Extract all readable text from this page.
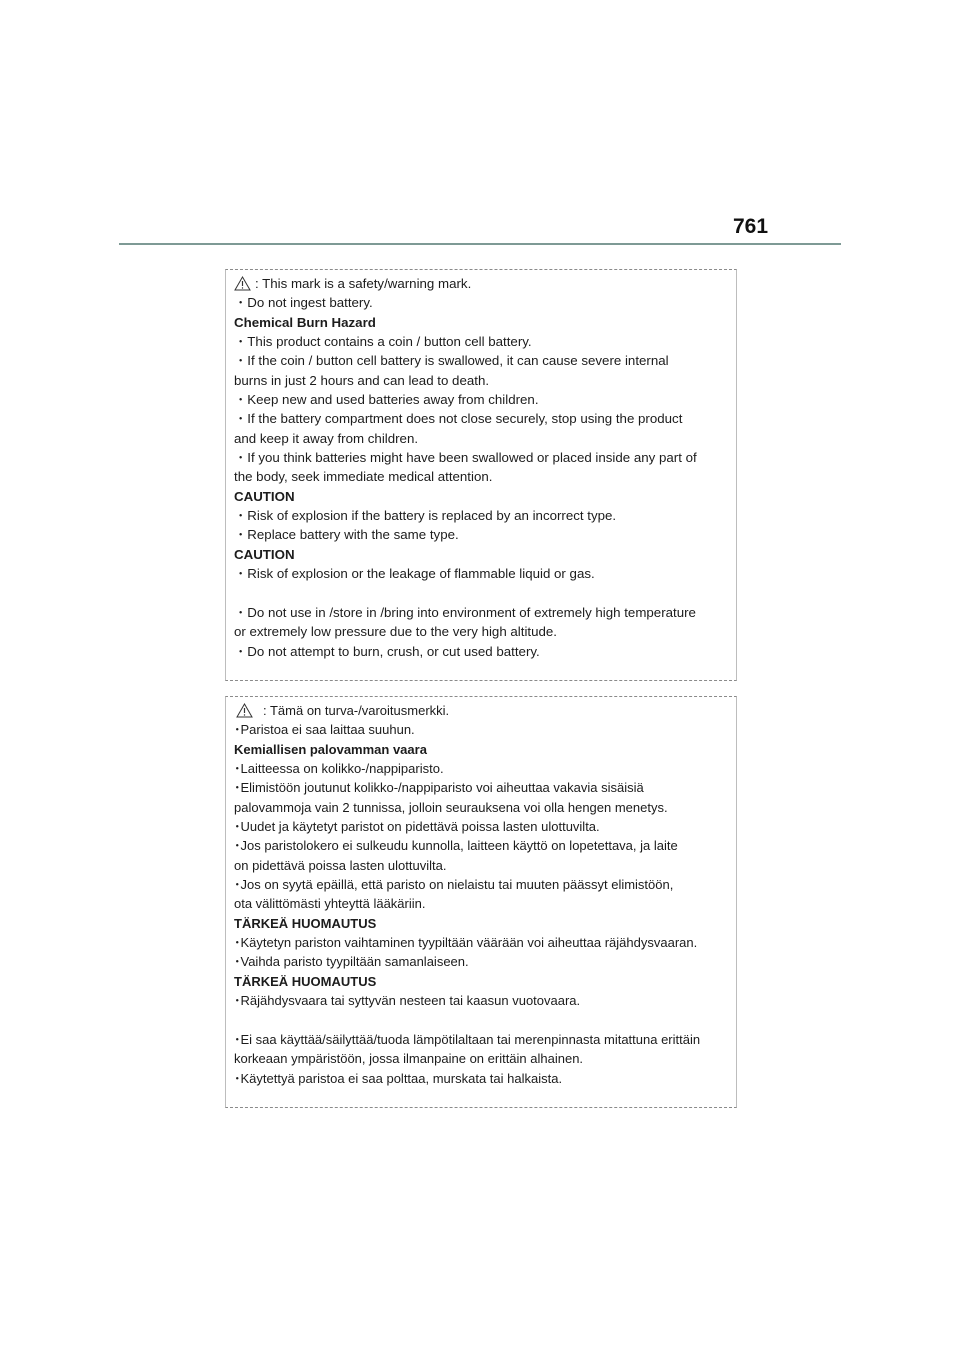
761
: This mark is a safety/warning mark.
・Do not ingest battery.
Chemical Burn Hazard
・This product contains a coin / button cell battery.
・If the coin / button cell battery is swallowed, it can cause severe internal
burns in just 2 hours and can lead to death.
・Keep new and used batteries away from children.
・If the battery compartment does not close securely, stop using the product
and keep it away from children.
・If you think batteries might have been swallowed or placed inside any part of
the body, seek immediate medical attention.
CAUTION
・Risk of explosion if the battery is replaced by an incorrect type.
・Replace battery with the same type.
CAUTION
・Risk of explosion or the leakage of flammable liquid or gas.
・Do not use in /store in /bring into environment of extremely high temperature
or extremely low pressure due to the very high altitude.
・Do not attempt to burn, crush, or cut used battery.
: Tämä on turva-/varoitusmerkki.
･Paristoa ei saa laittaa suuhun.
Kemiallisen palovamman vaara
･Laitteessa on kolikko-/nappiparisto.
･Elimistöön joutunut kolikko-/nappiparisto voi aiheuttaa vakavia sisäisiä
palovammoja vain 2 tunnissa, jolloin seurauksena voi olla hengen menetys.
･Uudet ja käytetyt paristot on pidettävä poissa lasten ulottuvilta.
･Jos paristolokero ei sulkeudu kunnolla, laitteen käyttö on lopetettava, ja laite
on pidettävä poissa lasten ulottuvilta.
･Jos on syytä epäillä, että paristo on nielaistu tai muuten päässyt elimistöön,
ota välittömästi yhteyttä lääkäriin.
TÄRKEÄ HUOMAUTUS
･Käytetyn pariston vaihtaminen tyypiltään väärään voi aiheuttaa räjähdysvaaran.
･Vaihda paristo tyypiltään samanlaiseen.
TÄRKEÄ HUOMAUTUS
･Räjähdysvaara tai syttyvän nesteen tai kaasun vuotovaara.
･Ei saa käyttää/säilyttää/tuoda lämpötilaltaan tai merenpinnasta mitattuna erittäin
korkeaan ympäristöön, jossa ilmanpaine on erittäin alhainen.
･Käytettyä paristoa ei saa polttaa, murskata tai halkaista.
